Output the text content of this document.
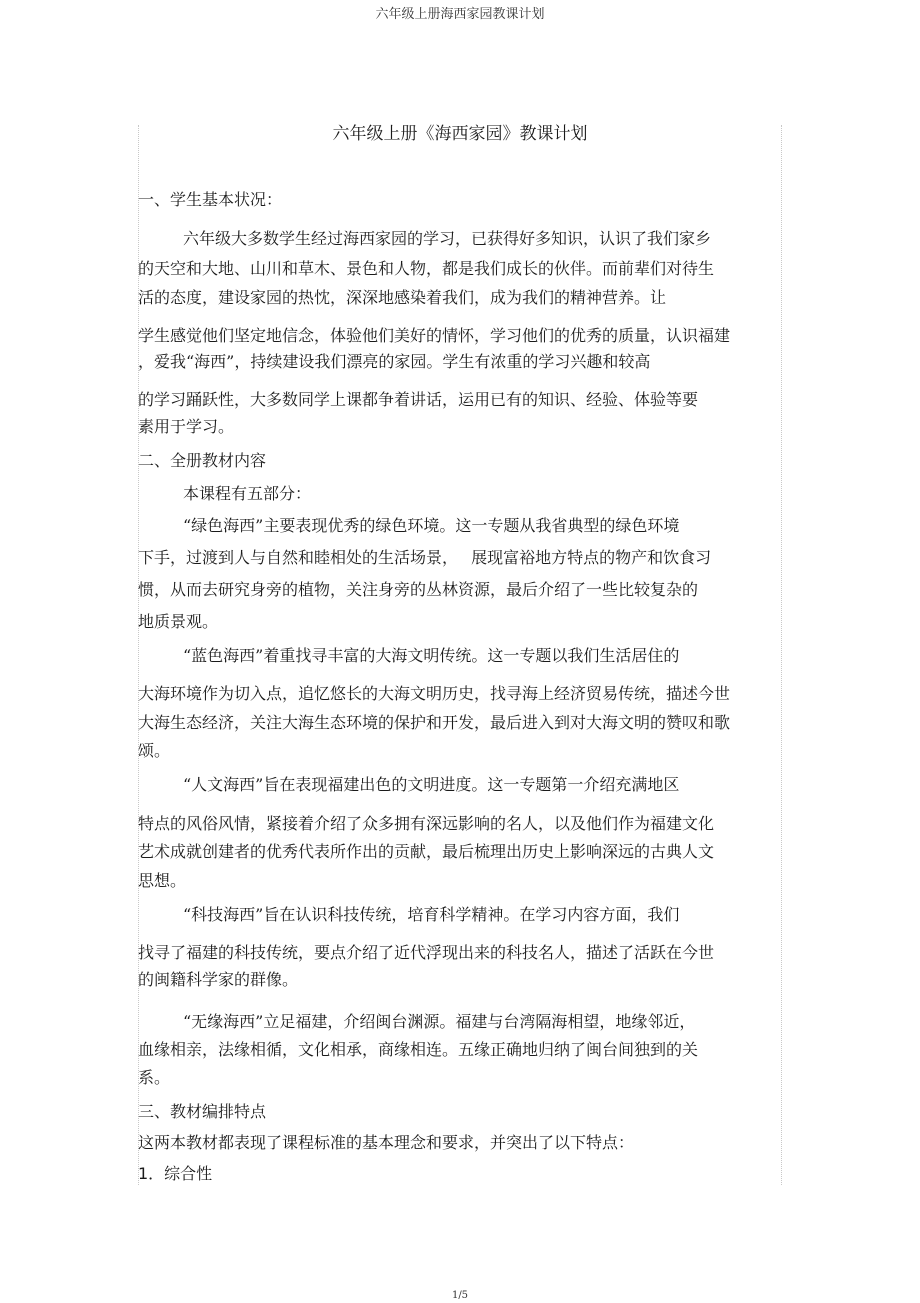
六年级上册海西家园教课计划
六年级上册《海西家园》教课计划
一、学生基本状况：
六年级大多数学生经过海西家园的学习，已获得好多知识，认识了我们家乡
的天空和大地、山川和草木、景色和人物，都是我们成长的伙伴。而前辈们对待生
活的态度，建设家园的热忱，深深地感染着我们，成为我们的精神营养。让
学生感觉他们坚定地信念，体验他们美好的情怀，学习他们的优秀的质量，认识福建
，爱我“海西”，持续建设我们漂亮的家园。学生有浓重的学习兴趣和较高
的学习踊跃性，大多数同学上课都争着讲话，运用已有的知识、经验、体验等要
素用于学习。
二、全册教材内容
本课程有五部分：
“绿色海西”主要表现优秀的绿色环境。这一专题从我省典型的绿色环境
下手，过渡到人与自然和睦相处的生活场景，　 展现富裕地方特点的物产和饮食习
惯，从而去研究身旁的植物，关注身旁的丛林资源，最后介绍了一些比较复杂的
地质景观。
“蓝色海西”着重找寻丰富的大海文明传统。这一专题以我们生活居住的
大海环境作为切入点，追忆悠长的大海文明历史，找寻海上经济贸易传统，描述今世
大海生态经济，关注大海生态环境的保护和开发，最后进入到对大海文明的赞叹和歌
颂。
“人文海西”旨在表现福建出色的文明进度。这一专题第一介绍充满地区
特点的风俗风情，紧接着介绍了众多拥有深远影响的名人，以及他们作为福建文化
艺术成就创建者的优秀代表所作出的贡献，最后梳理出历史上影响深远的古典人文
思想。
“科技海西”旨在认识科技传统，培育科学精神。在学习内容方面，我们
找寻了福建的科技传统，要点介绍了近代浮现出来的科技名人，描述了活跃在今世
的闽籍科学家的群像。
“无缘海西”立足福建，介绍闽台渊源。福建与台湾隔海相望，地缘邻近，
血缘相亲，法缘相循，文化相承，商缘相连。五缘正确地归纳了闽台间独到的关
系。
三、教材编排特点
这两本教材都表现了课程标准的基本理念和要求，并突出了以下特点：
1．综合性
1/5
